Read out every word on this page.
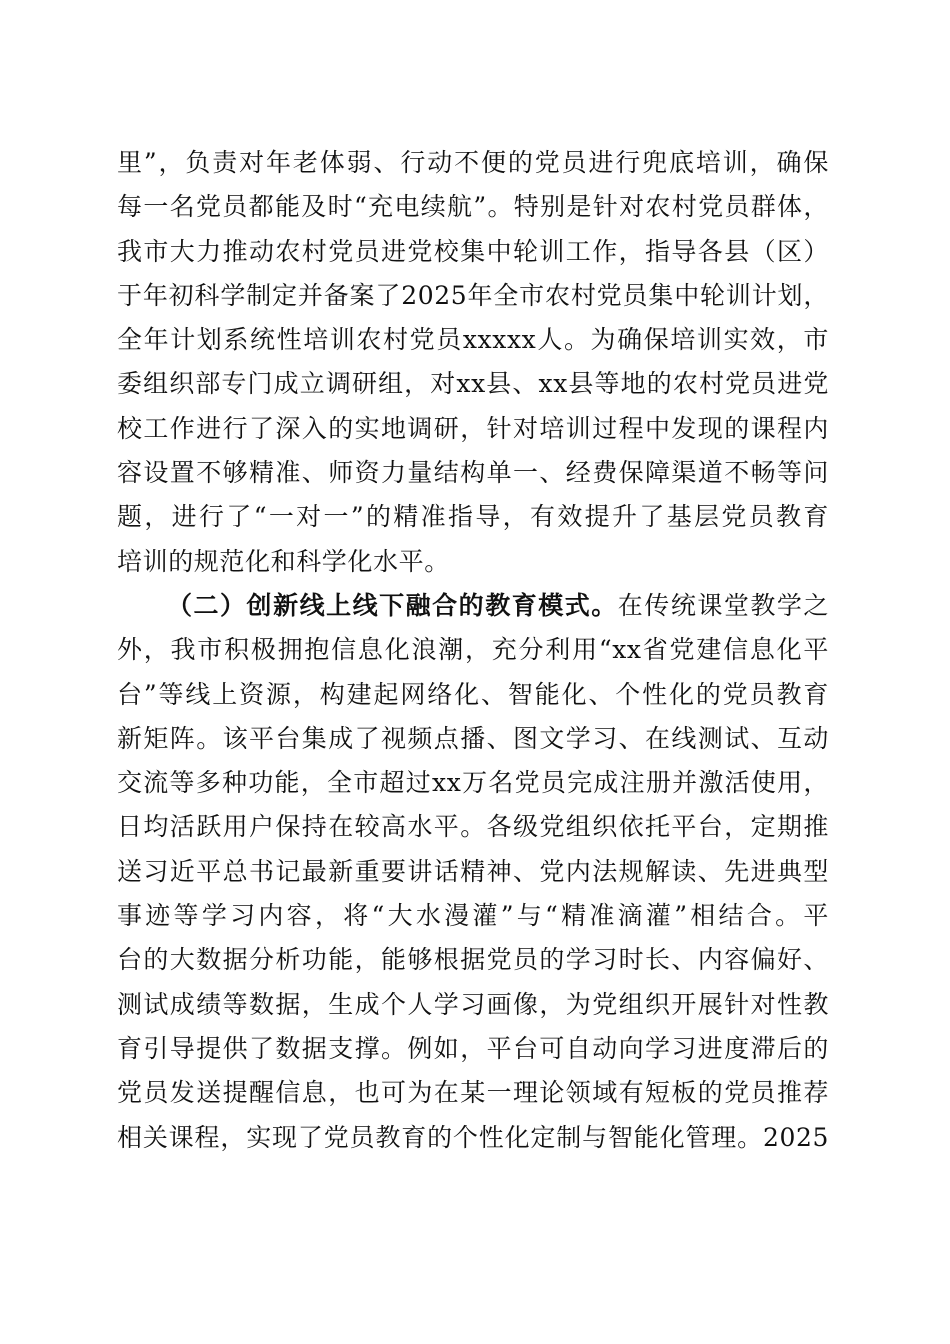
里”，负责对年老体弱、行动不便的党员进行兜底培训，确保
每一名党员都能及时“充电续航”。特别是针对农村党员群体，
我市大力推动农村党员进党校集中轮训工作，指导各县（区）
于年初科学制定并备案了2025年全市农村党员集中轮训计划，
全年计划系统性培训农村党员xxxxx人。为确保培训实效，市
委组织部专门成立调研组，对xx县、xx县等地的农村党员进党
校工作进行了深入的实地调研，针对培训过程中发现的课程内
容设置不够精准、师资力量结构单一、经费保障渠道不畅等问
题，进行了“一对一”的精准指导，有效提升了基层党员教育
培训的规范化和科学化水平。
（二）创新线上线下融合的教育模式。在传统课堂教学之
外，我市积极拥抱信息化浪潮，充分利用“xx省党建信息化平
台”等线上资源，构建起网络化、智能化、个性化的党员教育
新矩阵。该平台集成了视频点播、图文学习、在线测试、互动
交流等多种功能，全市超过xx万名党员完成注册并激活使用，
日均活跃用户保持在较高水平。各级党组织依托平台，定期推
送习近平总书记最新重要讲话精神、党内法规解读、先进典型
事迹等学习内容，将“大水漫灌”与“精准滴灌”相结合。平
台的大数据分析功能，能够根据党员的学习时长、内容偏好、
测试成绩等数据，生成个人学习画像，为党组织开展针对性教
育引导提供了数据支撑。例如，平台可自动向学习进度滞后的
党员发送提醒信息，也可为在某一理论领域有短板的党员推荐
相关课程，实现了党员教育的个性化定制与智能化管理。2025
